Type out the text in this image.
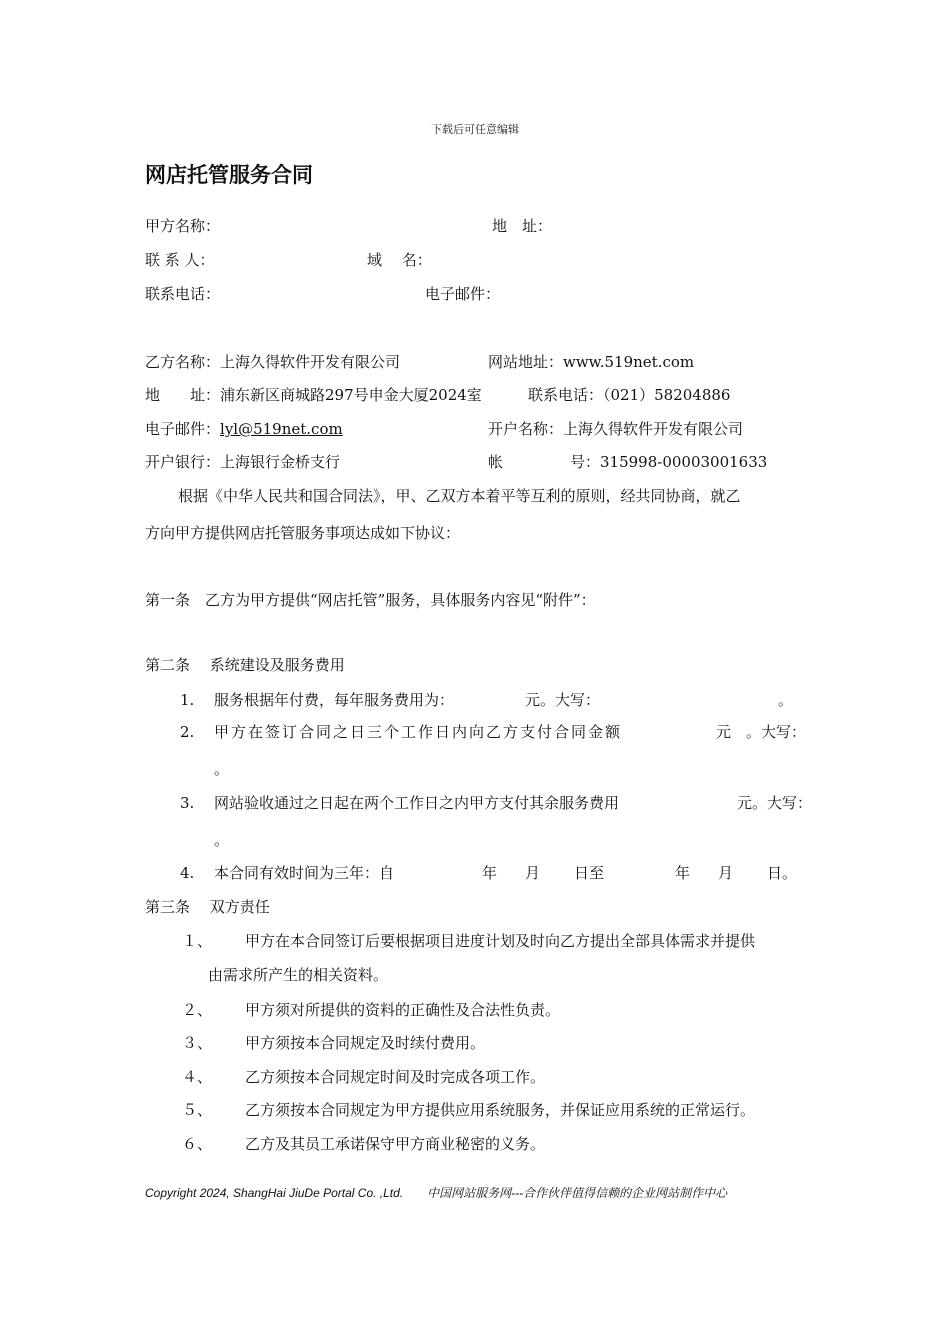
下载后可任意编辑
网店托管服务合同
甲方名称：	地　址：
联 系 人：	域　 名：
联系电话：	电子邮件：
乙方名称：上海久得软件开发有限公司	网站地址：www.519net.com
地　　址：浦东新区商城路297号申金大厦2024室	联系电话：（021）58204886
电子邮件：lyl@519net.com	开户名称：上海久得软件开发有限公司
开户银行：上海银行金桥支行	帐	号：315998-00003001633
根据《中华人民共和国合同法》，甲、乙双方本着平等互利的原则，经共同协商，就乙
方向甲方提供网店托管服务事项达成如下协议：
第一条　乙方为甲方提供“网店托管”服务，具体服务内容见“附件”：
第二条　 系统建设及服务费用
1. 服务根据年付费，每年服务费用为：	元。大写：	。
2. 甲方在签订合同之日三个工作日内向乙方支付合同金额	元　。大写：
。
3. 网站验收通过之日起在两个工作日之内甲方支付其余服务费用	元。大写：
。
4. 本合同有效时间为三年：自	年 月 日至	年 月 日。
第三条　 双方责任
１、 甲方在本合同签订后要根据项目进度计划及时向乙方提出全部具体需求并提供
由需求所产生的相关资料。
２、 甲方须对所提供的资料的正确性及合法性负责。
３、 甲方须按本合同规定及时续付费用。
４、 乙方须按本合同规定时间及时完成各项工作。
５、 乙方须按本合同规定为甲方提供应用系统服务，并保证应用系统的正常运行。
６、 乙方及其员工承诺保守甲方商业秘密的义务。
Copyright 2024, ShangHai JiuDe Portal Co. ,Ltd.　　中国网站服务网---合作伙伴值得信赖的企业网站制作中心
